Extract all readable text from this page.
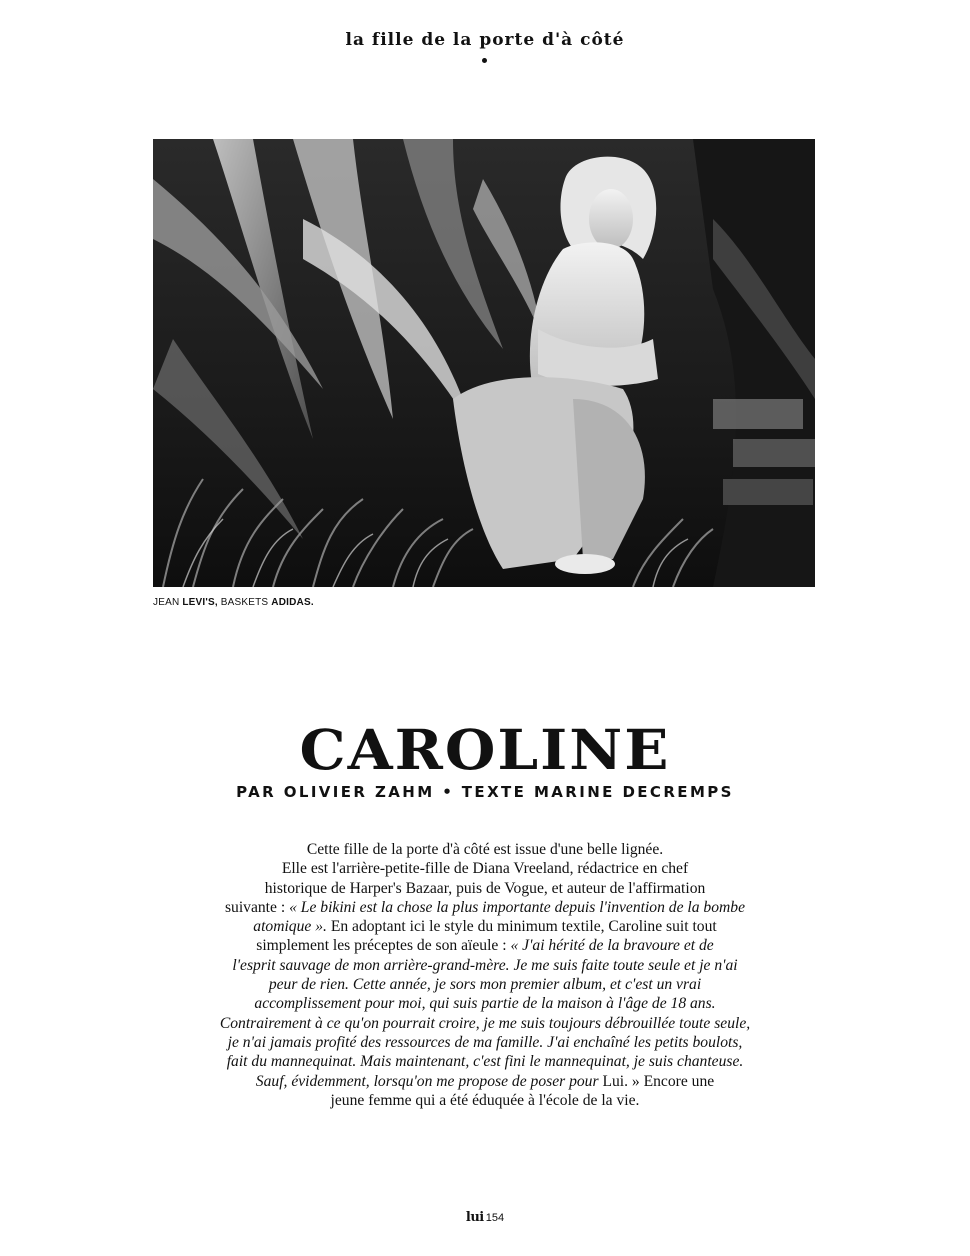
la fille de la porte d'à côté
JEAN LEVI'S, BASKETS ADIDAS.
CAROLINE
PAR OLIVIER ZAHM • TEXTE MARINE DECREMPS
Cette fille de la porte d'à côté est issue d'une belle lignée.
Elle est l'arrière-petite-fille de Diana Vreeland, rédactrice en chef
historique de Harper's Bazaar, puis de Vogue, et auteur de l'affirmation
suivante : « Le bikini est la chose la plus importante depuis l'invention de la bombe
atomique ». En adoptant ici le style du minimum textile, Caroline suit tout
simplement les préceptes de son aïeule : « J'ai hérité de la bravoure et de
l'esprit sauvage de mon arrière-grand-mère. Je me suis faite toute seule et je n'ai
peur de rien. Cette année, je sors mon premier album, et c'est un vrai
accomplissement pour moi, qui suis partie de la maison à l'âge de 18 ans.
Contrairement à ce qu'on pourrait croire, je me suis toujours débrouillée toute seule,
je n'ai jamais profité des ressources de ma famille. J'ai enchaîné les petits boulots,
fait du mannequinat. Mais maintenant, c'est fini le mannequinat, je suis chanteuse.
Sauf, évidemment, lorsqu'on me propose de poser pour Lui. » Encore une
jeune femme qui a été éduquée à l'école de la vie.
lui 154
